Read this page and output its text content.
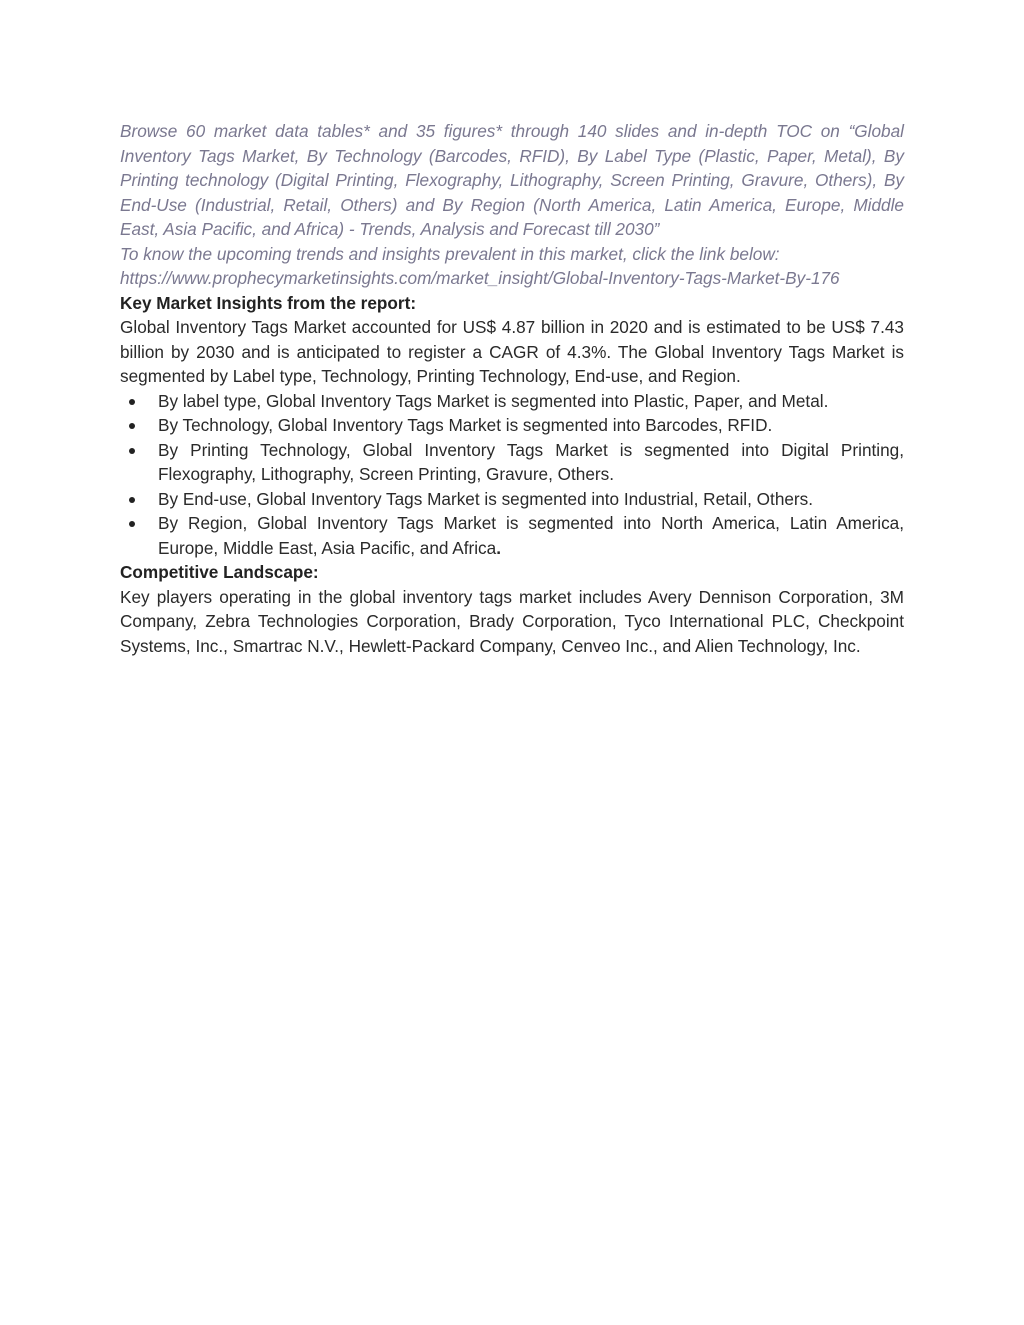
Browse 60 market data tables* and 35 figures* through 140 slides and in-depth TOC on “Global Inventory Tags Market, By Technology (Barcodes, RFID), By Label Type (Plastic, Paper, Metal), By Printing technology (Digital Printing, Flexography, Lithography, Screen Printing, Gravure, Others), By End-Use (Industrial, Retail, Others) and By Region (North America, Latin America, Europe, Middle East, Asia Pacific, and Africa) - Trends, Analysis and Forecast till 2030”

To know the upcoming trends and insights prevalent in this market, click the link below:

https://www.prophecymarketinsights.com/market_insight/Global-Inventory-Tags-Market-By-176

Key Market Insights from the report:

Global Inventory Tags Market accounted for US$ 4.87 billion in 2020 and is estimated to be US$ 7.43 billion by 2030 and is anticipated to register a CAGR of 4.3%. The Global Inventory Tags Market is segmented by Label type, Technology, Printing Technology, End-use, and Region.

By label type, Global Inventory Tags Market is segmented into Plastic, Paper, and Metal.
By Technology, Global Inventory Tags Market is segmented into Barcodes, RFID.
By Printing Technology, Global Inventory Tags Market is segmented into Digital Printing, Flexography, Lithography, Screen Printing, Gravure, Others.
By End-use, Global Inventory Tags Market is segmented into Industrial, Retail, Others.
By Region, Global Inventory Tags Market is segmented into North America, Latin America, Europe, Middle East, Asia Pacific, and Africa.

Competitive Landscape:

Key players operating in the global inventory tags market includes Avery Dennison Corporation, 3M Company, Zebra Technologies Corporation, Brady Corporation, Tyco International PLC, Checkpoint Systems, Inc., Smartrac N.V., Hewlett-Packard Company, Cenveo Inc., and Alien Technology, Inc.
